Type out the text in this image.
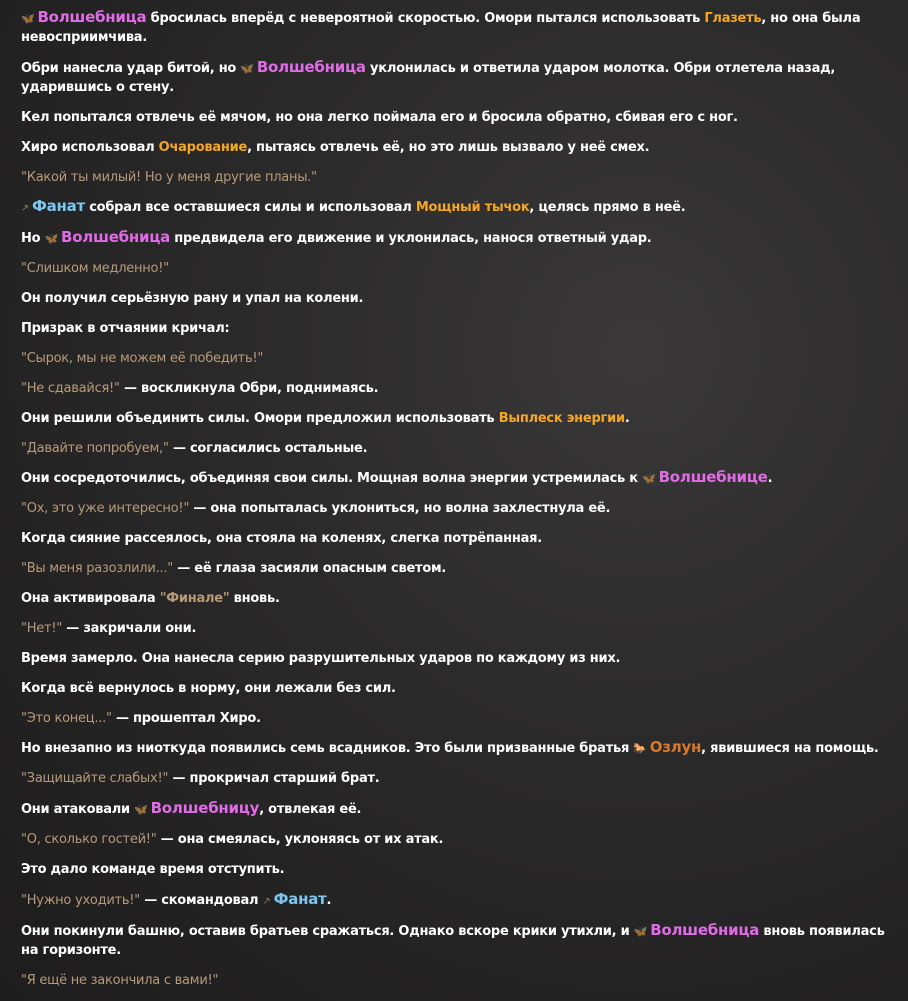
🦋 Волшебница бросилась вперёд с невероятной скоростью. Омори пытался использовать Глазеть, но она была невосприимчива.

Обри нанесла удар битой, но 🦋 Волшебница уклонилась и ответила ударом молотка. Обри отлетела назад, ударившись о стену.

Кел попытался отвлечь её мячом, но она легко поймала его и бросила обратно, сбивая его с ног.

Хиро использовал Очарование, пытаясь отвлечь её, но это лишь вызвало у неё смех.

"Какой ты милый! Но у меня другие планы."

⸕ Фанат собрал все оставшиеся силы и использовал Мощный тычок, целясь прямо в неё.

Но 🦋 Волшебница предвидела его движение и уклонилась, нанося ответный удар.

"Слишком медленно!"

Он получил серьёзную рану и упал на колени.

Призрак в отчаянии кричал:

"Сырок, мы не можем её победить!"

"Не сдавайся!" — воскликнула Обри, поднимаясь.

Они решили объединить силы. Омори предложил использовать Выплеск энергии.

"Давайте попробуем," — согласились остальные.

Они сосредоточились, объединяя свои силы. Мощная волна энергии устремилась к 🦋 Волшебнице.

"Ох, это уже интересно!" — она попыталась уклониться, но волна захлестнула её.

Когда сияние рассеялось, она стояла на коленях, слегка потрёпанная.

"Вы меня разозлили..." — её глаза засияли опасным светом.

Она активировала "Финале" вновь.

"Нет!" — закричали они.

Время замерло. Она нанесла серию разрушительных ударов по каждому из них.

Когда всё вернулось в норму, они лежали без сил.

"Это конец..." — прошептал Хиро.

Но внезапно из ниоткуда появились семь всадников. Это были призванные братья 🐎 Озлун, явившиеся на помощь.

"Защищайте слабых!" — прокричал старший брат.

Они атаковали 🦋 Волшебницу, отвлекая её.

"О, сколько гостей!" — она смеялась, уклоняясь от их атак.

Это дало команде время отступить.

"Нужно уходить!" — скомандовал ⸕ Фанат.

Они покинули башню, оставив братьев сражаться. Однако вскоре крики утихли, и 🦋 Волшебница вновь появилась на горизонте.

"Я ещё не закончила с вами!"
